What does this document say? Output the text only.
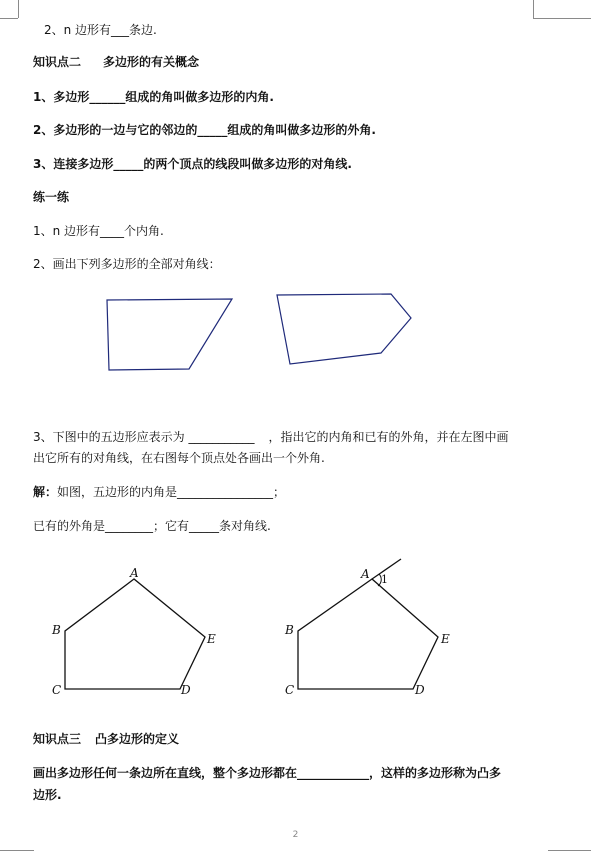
2、n 边形有___条边.
知识点二 多边形的有关概念
1、多边形______组成的角叫做多边形的内角.
2、多边形的一边与它的邻边的_____组成的角叫做多边形的外角.
3、连接多边形_____的两个顶点的线段叫做多边形的对角线.
练一练
1、n 边形有____个内角.
2、画出下列多边形的全部对角线：
3、下图中的五边形应表示为 ___________ ，指出它的内角和已有的外角，并在左图中画
出它所有的对角线，在右图每个顶点处各画出一个外角.
解：如图，五边形的内角是________________；
已有的外角是________；它有_____条对角线.
A
B
C	D
E
A 1
B
C	D
E
知识点三 凸多边形的定义
画出多边形任何一条边所在直线，整个多边形都在____________，这样的多边形称为凸多
边形.
2
